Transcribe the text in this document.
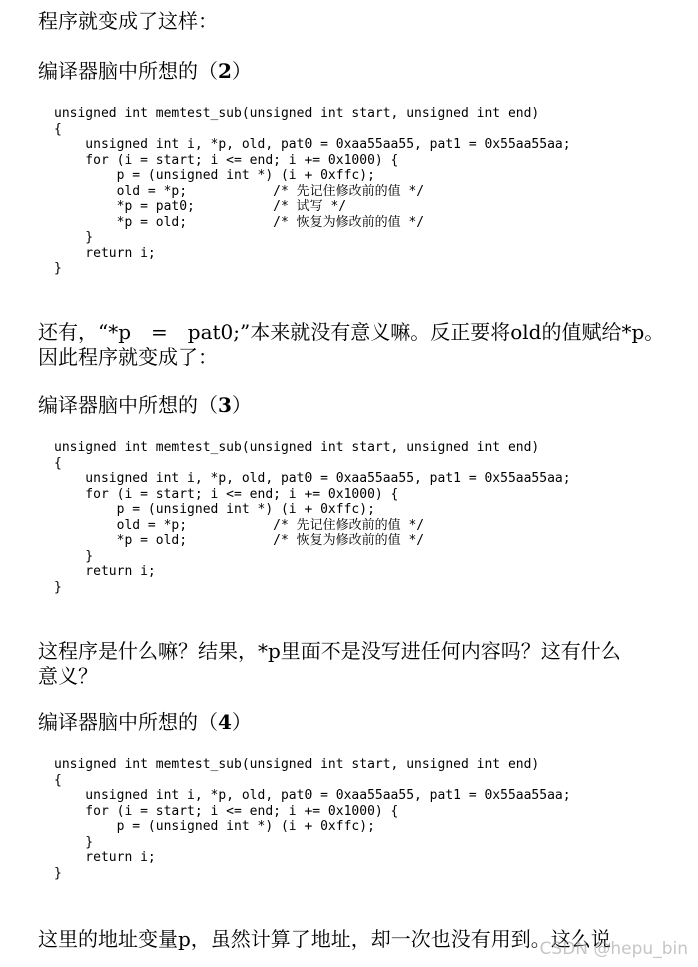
程序就变成了这样：

编译器脑中所想的（2）

unsigned int memtest_sub(unsigned int start, unsigned int end)
{
unsigned int i, *p, old, pat0 = 0xaa55aa55, pat1 = 0x55aa55aa;
for (i = start; i <= end; i += 0x1000) {
p = (unsigned int *) (i + 0xffc);
old = *p;           /* 先记住修改前的值 */
*p = pat0;          /* 试写 */
*p = old;           /* 恢复为修改前的值 */
}
return i;
}

还有，“*p　=　pat0;”本来就没有意义嘛。反正要将old的值赋给*p。

因此程序就变成了：

编译器脑中所想的（3）

unsigned int memtest_sub(unsigned int start, unsigned int end)
{
unsigned int i, *p, old, pat0 = 0xaa55aa55, pat1 = 0x55aa55aa;
for (i = start; i <= end; i += 0x1000) {
p = (unsigned int *) (i + 0xffc);
old = *p;           /* 先记住修改前的值 */
*p = old;           /* 恢复为修改前的值 */
}
return i;
}

这程序是什么嘛？结果，*p里面不是没写进任何内容吗？这有什么

意义？

编译器脑中所想的（4）

unsigned int memtest_sub(unsigned int start, unsigned int end)
{
unsigned int i, *p, old, pat0 = 0xaa55aa55, pat1 = 0x55aa55aa;
for (i = start; i <= end; i += 0x1000) {
p = (unsigned int *) (i + 0xffc);
}
return i;
}

这里的地址变量p，虽然计算了地址，却一次也没有用到。这么说

CSDN @hepu_bin
